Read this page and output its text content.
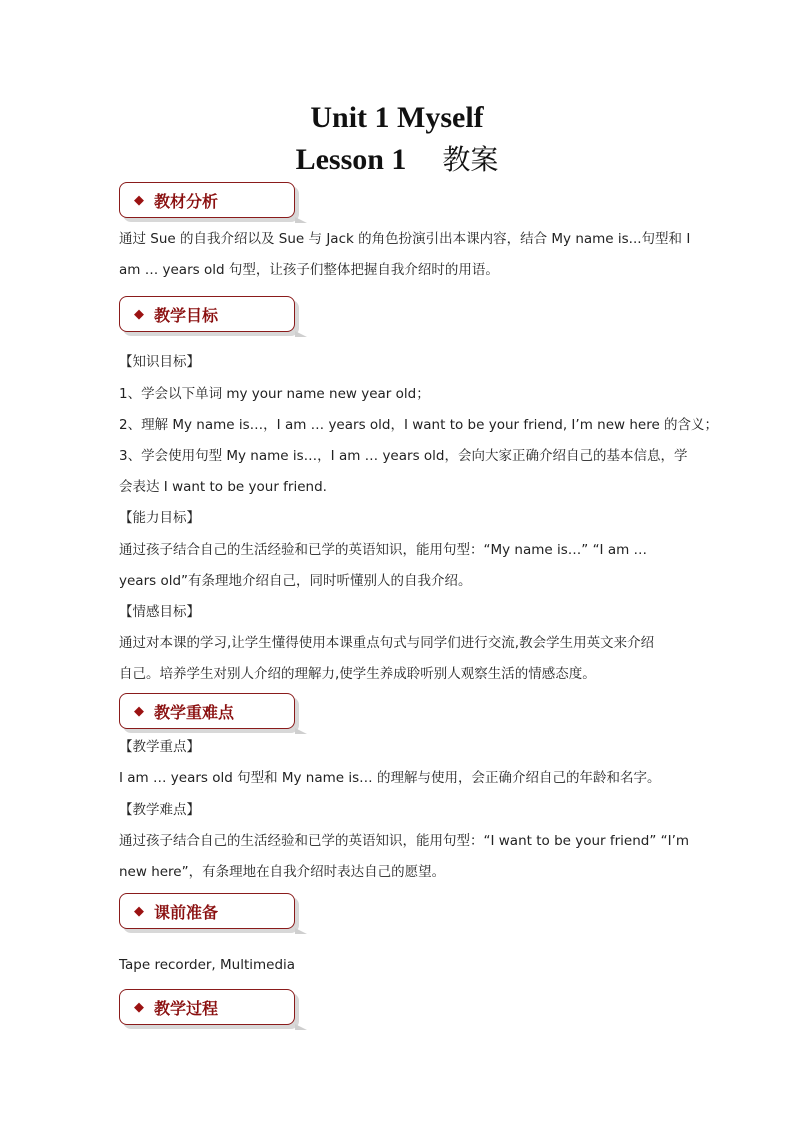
Unit 1 Myself
Lesson 1 教案
◆ 教材分析
通过 Sue 的自我介绍以及 Sue 与 Jack 的角色扮演引出本课内容，结合 My name is...句型和 I
am … years old 句型，让孩子们整体把握自我介绍时的用语。
◆ 教学目标
【知识目标】
1、学会以下单词 my your name new year old；
2、理解 My name is…，I am … years old，I want to be your friend, I’m new here 的含义；
3、学会使用句型 My name is…，I am … years old，会向大家正确介绍自己的基本信息，学
会表达 I want to be your friend.
【能力目标】
通过孩子结合自己的生活经验和已学的英语知识，能用句型：“My name is…” “I am …
years old”有条理地介绍自己，同时听懂别人的自我介绍。
【情感目标】
通过对本课的学习,让学生懂得使用本课重点句式与同学们进行交流,教会学生用英文来介绍
自己。培养学生对别人介绍的理解力,使学生养成聆听别人观察生活的情感态度。
◆ 教学重难点
【教学重点】
I am … years old 句型和 My name is… 的理解与使用，会正确介绍自己的年龄和名字。
【教学难点】
通过孩子结合自己的生活经验和已学的英语知识，能用句型：“I want to be your friend” “I’m
new here”，有条理地在自我介绍时表达自己的愿望。
◆ 课前准备
Tape recorder, Multimedia
◆ 教学过程
